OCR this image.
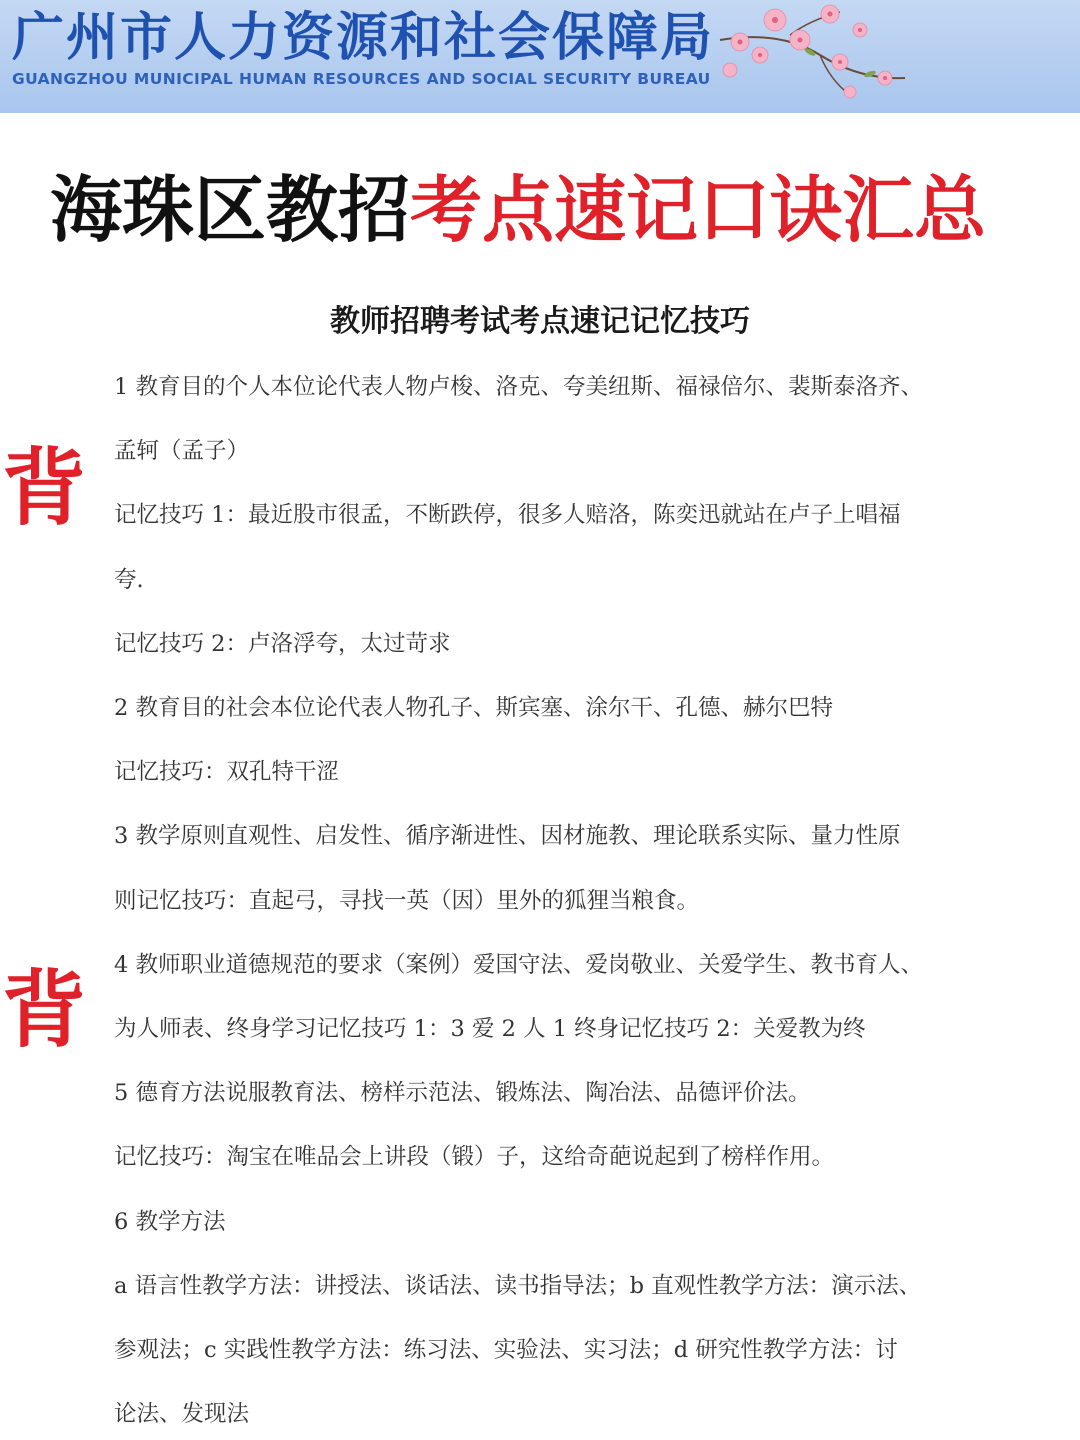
广州市人力资源和社会保障局
GUANGZHOU MUNICIPAL HUMAN RESOURCES AND SOCIAL SECURITY BUREAU
海珠区教招考点速记口诀汇总
教师招聘考试考点速记记忆技巧
背
背

1 教育目的个人本位论代表人物卢梭、洛克、夸美纽斯、福禄倍尔、裴斯泰洛齐、

孟轲（孟子）

记忆技巧 1：最近股市很孟，不断跌停，很多人赔洛，陈奕迅就站在卢子上唱福

夸.

记忆技巧 2：卢洛浮夸，太过苛求

2 教育目的社会本位论代表人物孔子、斯宾塞、涂尔干、孔德、赫尔巴特

记忆技巧：双孔特干涩

3 教学原则直观性、启发性、循序渐进性、因材施教、理论联系实际、量力性原

则记忆技巧：直起弓，寻找一英（因）里外的狐狸当粮食。

4 教师职业道德规范的要求（案例）爱国守法、爱岗敬业、关爱学生、教书育人、

为人师表、终身学习记忆技巧 1：3 爱 2 人 1 终身记忆技巧 2：关爱教为终

5 德育方法说服教育法、榜样示范法、锻炼法、陶冶法、品德评价法。

记忆技巧：淘宝在唯品会上讲段（锻）子，这给奇葩说起到了榜样作用。

6 教学方法

a 语言性教学方法：讲授法、谈话法、读书指导法；b 直观性教学方法：演示法、

参观法；c 实践性教学方法：练习法、实验法、实习法；d 研究性教学方法：讨

论法、发现法
